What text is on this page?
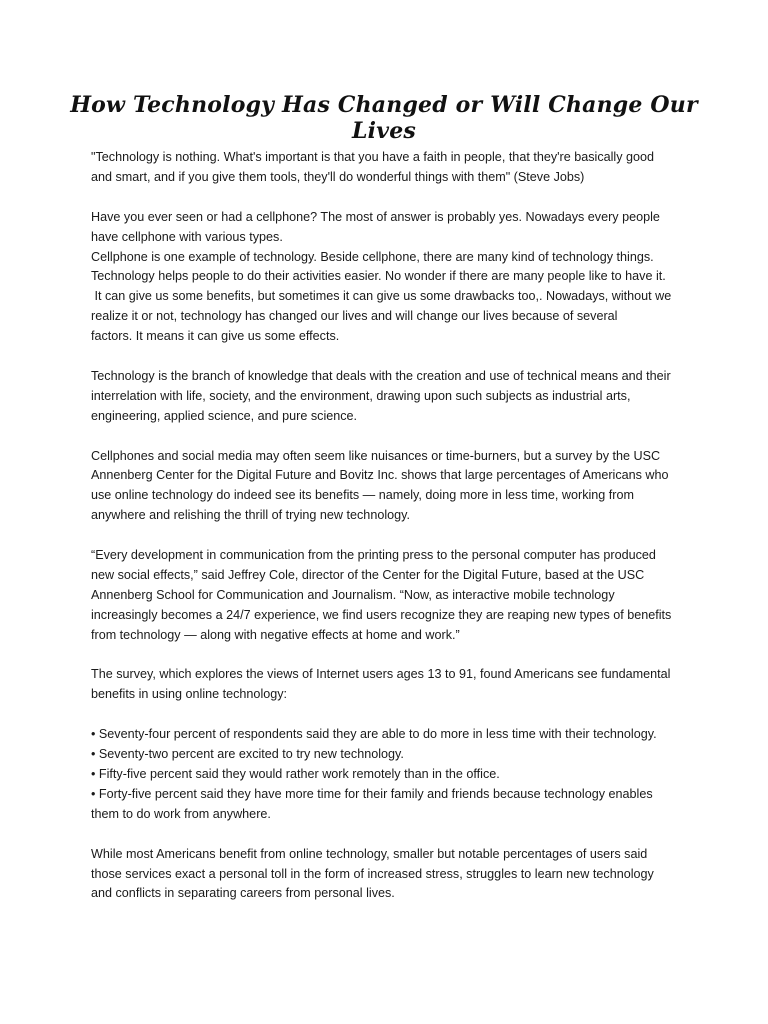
How Technology Has Changed or Will Change Our Lives

"Technology is nothing. What's important is that you have a faith in people, that they're basically good
and smart, and if you give them tools, they'll do wonderful things with them" (Steve Jobs)

Have you ever seen or had a cellphone? The most of answer is probably yes. Nowadays every people
have cellphone with various types.
Cellphone is one example of technology. Beside cellphone, there are many kind of technology things.
Technology helps people to do their activities easier. No wonder if there are many people like to have it.
It can give us some benefits, but sometimes it can give us some drawbacks too,. Nowadays, without we
realize it or not, technology has changed our lives and will change our lives because of several
factors. It means it can give us some effects.

Technology is the branch of knowledge that deals with the creation and use of technical means and their
interrelation with life, society, and the environment, drawing upon such subjects as industrial arts,
engineering, applied science, and pure science.

Cellphones and social media may often seem like nuisances or time-burners, but a survey by the USC
Annenberg Center for the Digital Future and Bovitz Inc. shows that large percentages of Americans who
use online technology do indeed see its benefits — namely, doing more in less time, working from
anywhere and relishing the thrill of trying new technology.

“Every development in communication from the printing press to the personal computer has produced
new social effects,” said Jeffrey Cole, director of the Center for the Digital Future, based at the USC
Annenberg School for Communication and Journalism. “Now, as interactive mobile technology
increasingly becomes a 24/7 experience, we find users recognize they are reaping new types of benefits
from technology — along with negative effects at home and work.”

The survey, which explores the views of Internet users ages 13 to 91, found Americans see fundamental
benefits in using online technology:

• Seventy-four percent of respondents said they are able to do more in less time with their technology.
• Seventy-two percent are excited to try new technology.
• Fifty-five percent said they would rather work remotely than in the office.
• Forty-five percent said they have more time for their family and friends because technology enables
them to do work from anywhere.

While most Americans benefit from online technology, smaller but notable percentages of users said
those services exact a personal toll in the form of increased stress, struggles to learn new technology
and conflicts in separating careers from personal lives.
